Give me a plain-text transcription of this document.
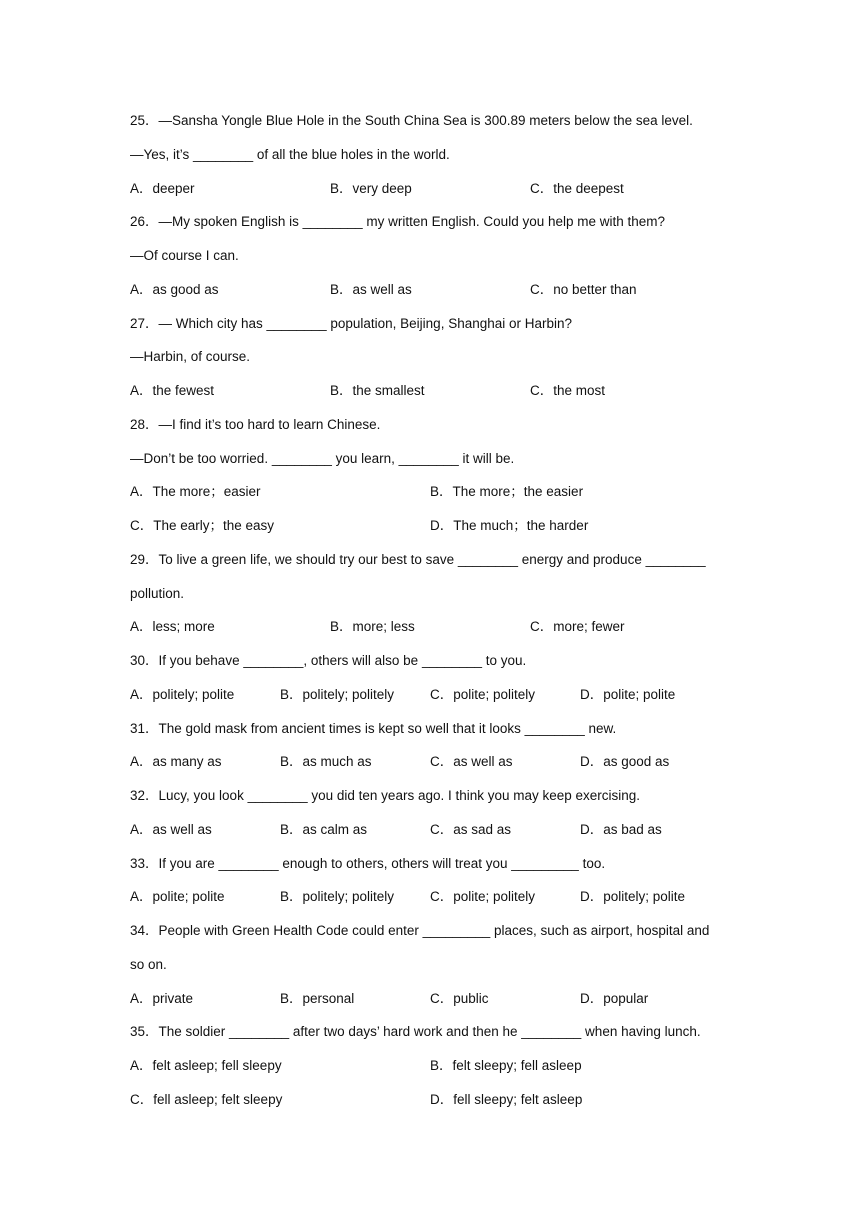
25．—Sansha Yongle Blue Hole in the South China Sea is 300.89 meters below the sea level.
—Yes, it’s ________ of all the blue holes in the world.
A．deeper	B．very deep	C．the deepest
26．—My spoken English is ________ my written English. Could you help me with them?
—Of course I can.
A．as good as	B．as well as	C．no better than
27．— Which city has ________ population, Beijing, Shanghai or Harbin?
—Harbin, of course.
A．the fewest	B．the smallest	C．the most
28．—I find it’s too hard to learn Chinese.
—Don’t be too worried. ________ you learn, ________ it will be.
A．The more；easier	B．The more；the easier
C．The early；the easy	D．The much；the harder
29．To live a green life, we should try our best to save ________ energy and produce ________
pollution.
A．less; more	B．more; less	C．more; fewer
30．If you behave ________, others will also be ________ to you.
A．politely; polite	B．politely; politely	C．polite; politely	D．polite; polite
31．The gold mask from ancient times is kept so well that it looks ________ new.
A．as many as	B．as much as	C．as well as	D．as good as
32．Lucy, you look ________ you did ten years ago. I think you may keep exercising.
A．as well as	B．as calm as	C．as sad as	D．as bad as
33．If you are ________ enough to others, others will treat you _________ too.
A．polite; polite	B．politely; politely	C．polite; politely	D．politely; polite
34．People with Green Health Code could enter _________ places, such as airport, hospital and
so on.
A．private	B．personal	C．public	D．popular
35．The soldier ________ after two days’ hard work and then he ________ when having lunch.
A．felt asleep; fell sleepy	B．felt sleepy; fell asleep
C．fell asleep; felt sleepy	D．fell sleepy; felt asleep
